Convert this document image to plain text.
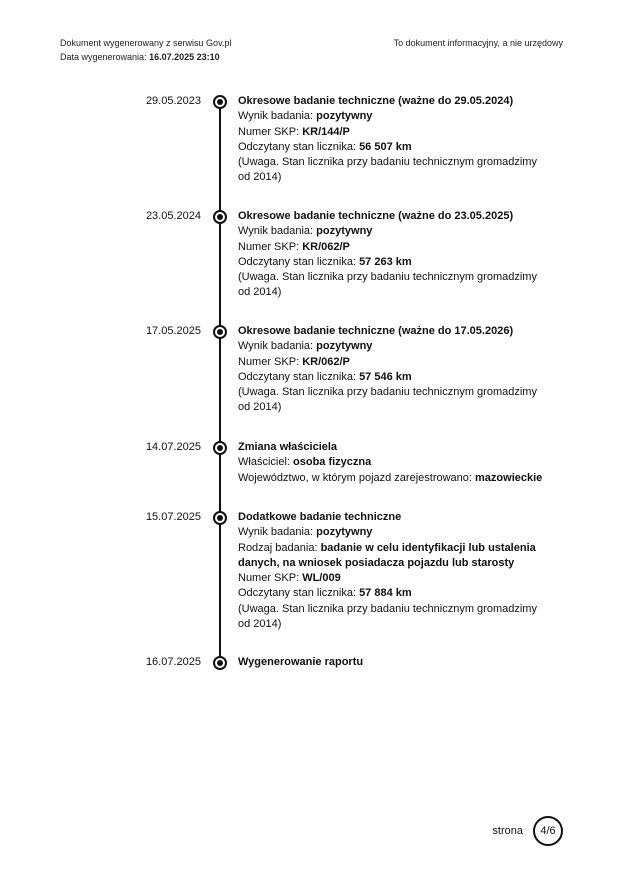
Dokument wygenerowany z serwisu Gov.pl
Data wygenerowania: 16.07.2025 23:10
To dokument informacyjny, a nie urzędowy
29.05.2023	Okresowe badanie techniczne (ważne do 29.05.2024)
Wynik badania: pozytywny
Numer SKP: KR/144/P
Odczytany stan licznika: 56 507 km
(Uwaga. Stan licznika przy badaniu technicznym gromadzimy od 2014)
23.05.2024	Okresowe badanie techniczne (ważne do 23.05.2025)
Wynik badania: pozytywny
Numer SKP: KR/062/P
Odczytany stan licznika: 57 263 km
(Uwaga. Stan licznika przy badaniu technicznym gromadzimy od 2014)
17.05.2025	Okresowe badanie techniczne (ważne do 17.05.2026)
Wynik badania: pozytywny
Numer SKP: KR/062/P
Odczytany stan licznika: 57 546 km
(Uwaga. Stan licznika przy badaniu technicznym gromadzimy od 2014)
14.07.2025	Zmiana właściciela
Właściciel: osoba fizyczna
Województwo, w którym pojazd zarejestrowano: mazowieckie
15.07.2025	Dodatkowe badanie techniczne
Wynik badania: pozytywny
Rodzaj badania: badanie w celu identyfikacji lub ustalenia danych, na wniosek posiadacza pojazdu lub starosty
Numer SKP: WL/009
Odczytany stan licznika: 57 884 km
(Uwaga. Stan licznika przy badaniu technicznym gromadzimy od 2014)
16.07.2025	Wygenerowanie raportu
strona	4/6
